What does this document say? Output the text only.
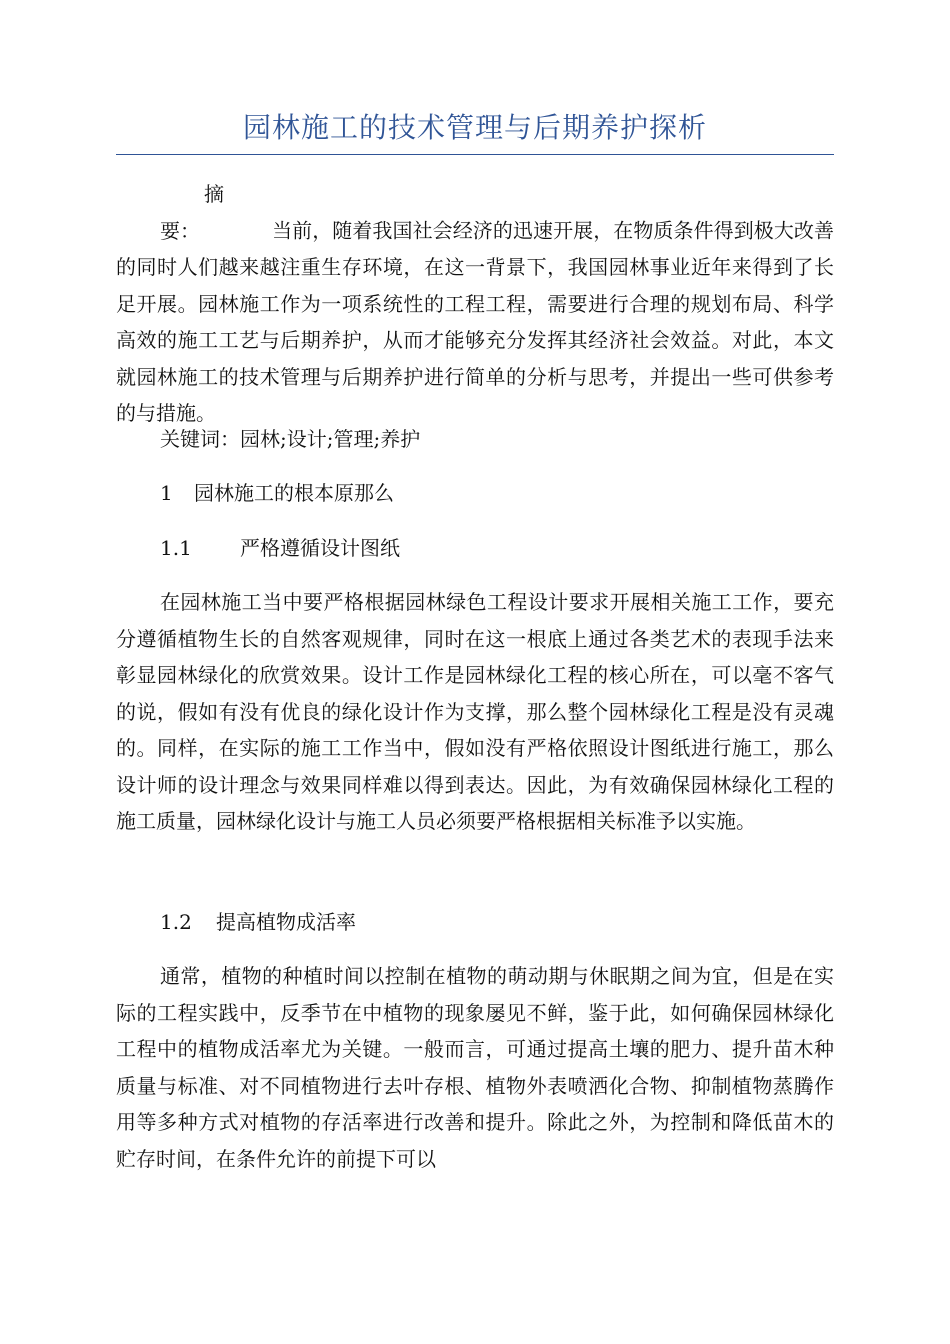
园林施工的技术管理与后期养护探析

摘要：	当前，随着我国社会经济的迅速开展，在物质条件得到极大改善的同时人们越来越注重生存环境，在这一背景下，我国园林事业近年来得到了长足开展。园林施工作为一项系统性的工程工程，需要进行合理的规划布局、科学高效的施工工艺与后期养护，从而才能够充分发挥其经济社会效益。对此，本文就园林施工的技术管理与后期养护进行简单的分析与思考，并提出一些可供参考的与措施。

关键词：园林;设计;管理;养护

1 园林施工的根本原那么

1.1 严格遵循设计图纸

在园林施工当中要严格根据园林绿色工程设计要求开展相关施工工作，要充分遵循植物生长的自然客观规律，同时在这一根底上通过各类艺术的表现手法来彰显园林绿化的欣赏效果。设计工作是园林绿化工程的核心所在，可以毫不客气的说，假如有没有优良的绿化设计作为支撑，那么整个园林绿化工程是没有灵魂的。同样，在实际的施工工作当中，假如没有严格依照设计图纸进行施工，那么设计师的设计理念与效果同样难以得到表达。因此，为有效确保园林绿化工程的施工质量，园林绿化设计与施工人员必须要严格根据相关标准予以实施。

1.2 提高植物成活率

通常，植物的种植时间以控制在植物的萌动期与休眠期之间为宜，但是在实际的工程实践中，反季节在中植物的现象屡见不鲜，鉴于此，如何确保园林绿化工程中的植物成活率尤为关键。一般而言，可通过提高土壤的肥力、提升苗木种质量与标准、对不同植物进行去叶存根、植物外表喷洒化合物、抑制植物蒸腾作用等多种方式对植物的存活率进行改善和提升。除此之外，为控制和降低苗木的贮存时间，在条件允许的前提下可以
